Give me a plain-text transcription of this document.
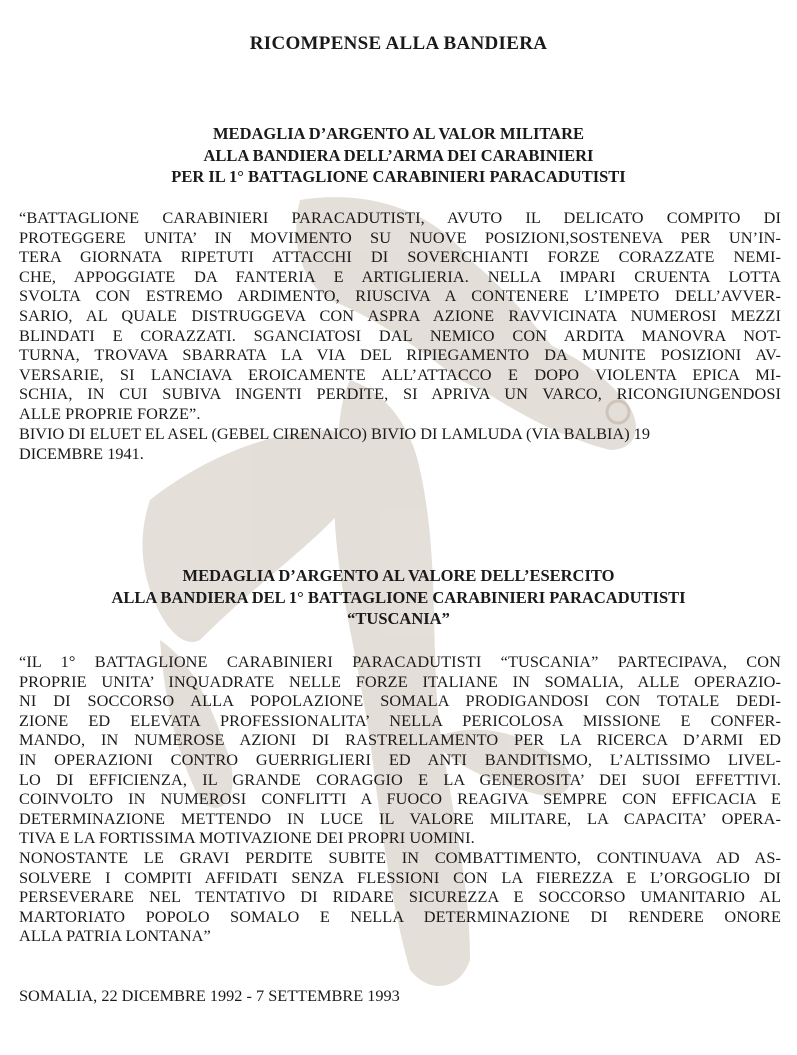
RICOMPENSE ALLA BANDIERA
MEDAGLIA D’ARGENTO AL VALOR MILITARE
ALLA BANDIERA DELL’ARMA DEI CARABINIERI
PER IL 1° BATTAGLIONE CARABINIERI PARACADUTISTI
“BATTAGLIONE CARABINIERI PARACADUTISTI, AVUTO IL DELICATO COMPITO DI
PROTEGGERE UNITA’ IN MOVIMENTO SU NUOVE POSIZIONI,SOSTENEVA PER UN’IN-
TERA GIORNATA RIPETUTI ATTACCHI DI SOVERCHIANTI FORZE CORAZZATE NEMI-
CHE, APPOGGIATE DA FANTERIA E ARTIGLIERIA. NELLA IMPARI CRUENTA LOTTA
SVOLTA CON ESTREMO ARDIMENTO, RIUSCIVA A CONTENERE L’IMPETO DELL’AVVER-
SARIO, AL QUALE DISTRUGGEVA CON ASPRA AZIONE RAVVICINATA NUMEROSI MEZZI
BLINDATI E CORAZZATI. SGANCIATOSI DAL NEMICO CON ARDITA MANOVRA NOT-
TURNA, TROVAVA SBARRATA LA VIA DEL RIPIEGAMENTO DA MUNITE POSIZIONI AV-
VERSARIE, SI LANCIAVA EROICAMENTE ALL’ATTACCO E DOPO VIOLENTA EPICA MI-
SCHIA, IN CUI SUBIVA INGENTI PERDITE, SI APRIVA UN VARCO, RICONGIUNGENDOSI
ALLE PROPRIE FORZE”.
BIVIO DI ELUET EL ASEL (GEBEL CIRENAICO) BIVIO DI LAMLUDA (VIA BALBIA) 19
DICEMBRE 1941.
MEDAGLIA D’ARGENTO AL VALORE DELL’ESERCITO
ALLA BANDIERA DEL 1° BATTAGLIONE CARABINIERI PARACADUTISTI
“TUSCANIA”
“IL 1° BATTAGLIONE CARABINIERI PARACADUTISTI “TUSCANIA” PARTECIPAVA, CON
PROPRIE UNITA’ INQUADRATE NELLE FORZE ITALIANE IN SOMALIA, ALLE OPERAZIO-
NI DI SOCCORSO ALLA POPOLAZIONE SOMALA PRODIGANDOSI CON TOTALE DEDI-
ZIONE ED ELEVATA PROFESSIONALITA’ NELLA PERICOLOSA MISSIONE E CONFER-
MANDO, IN NUMEROSE AZIONI DI RASTRELLAMENTO PER LA RICERCA D’ARMI ED
IN OPERAZIONI CONTRO GUERRIGLIERI ED ANTI BANDITISMO, L’ALTISSIMO LIVEL-
LO DI EFFICIENZA, IL GRANDE CORAGGIO E LA GENEROSITA’ DEI SUOI EFFETTIVI.
COINVOLTO IN NUMEROSI CONFLITTI A FUOCO REAGIVA SEMPRE CON EFFICACIA E
DETERMINAZIONE METTENDO IN LUCE IL VALORE MILITARE, LA CAPACITA’ OPERA-
TIVA E LA FORTISSIMA MOTIVAZIONE DEI PROPRI UOMINI.
NONOSTANTE LE GRAVI PERDITE SUBITE IN COMBATTIMENTO, CONTINUAVA AD AS-
SOLVERE I COMPITI AFFIDATI SENZA FLESSIONI CON LA FIEREZZA E L’ORGOGLIO DI
PERSEVERARE NEL TENTATIVO DI RIDARE SICUREZZA E SOCCORSO UMANITARIO AL
MARTORIATO POPOLO SOMALO E NELLA DETERMINAZIONE DI RENDERE ONORE
ALLA PATRIA LONTANA”
SOMALIA, 22 DICEMBRE 1992 - 7 SETTEMBRE 1993
